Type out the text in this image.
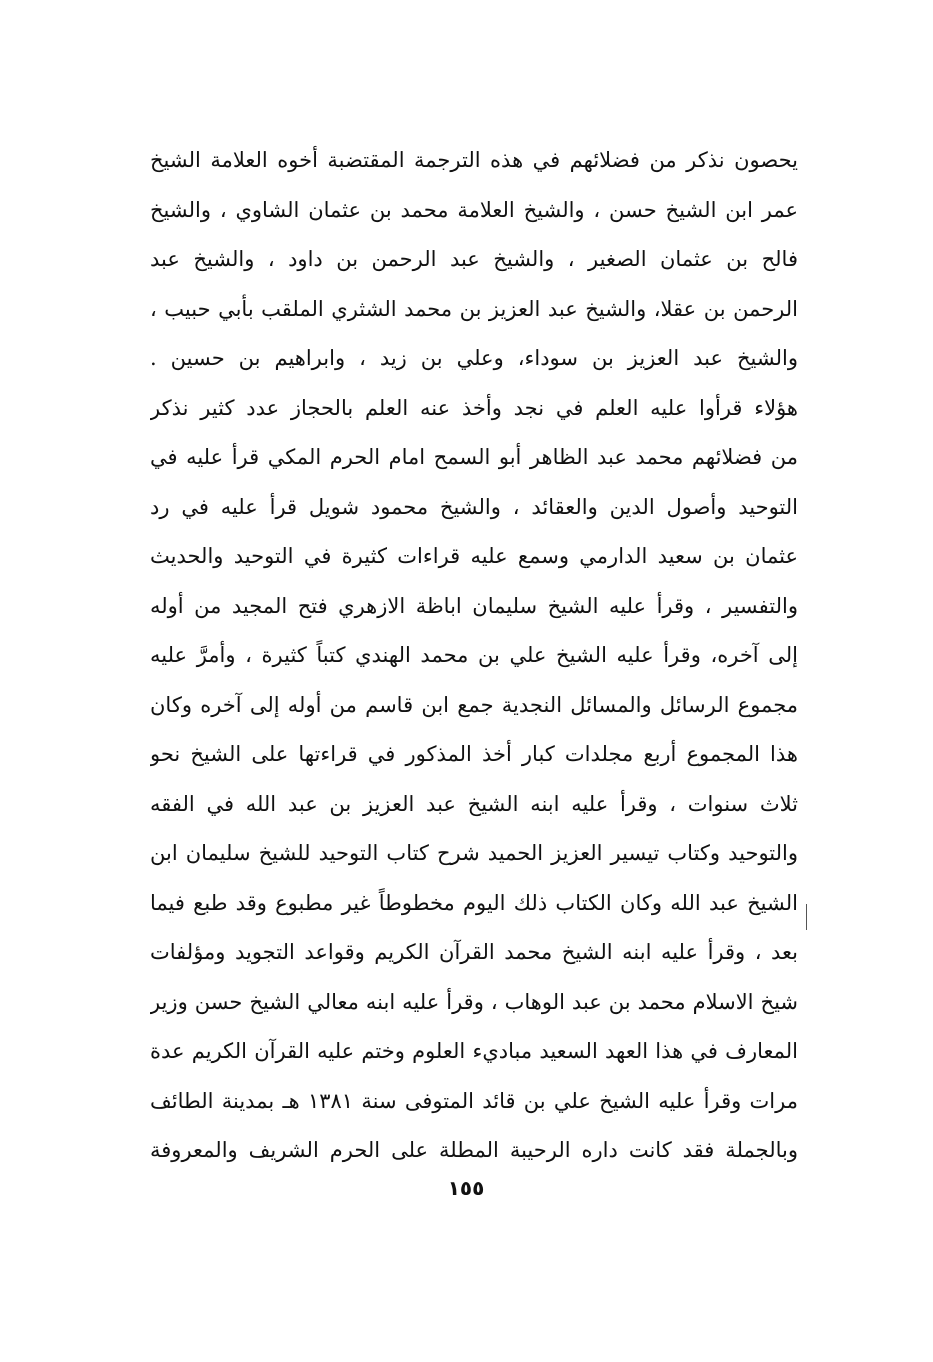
يحصون نذكر من فضلائهم في هذه الترجمة المقتضبة أخوه العلامة الشيخ
عمر ابن الشيخ حسن ، والشيخ العلامة محمد بن عثمان الشاوي ، والشيخ
فالح بن عثمان الصغير ، والشيخ عبد الرحمن بن داود ، والشيخ عبد
الرحمن بن عقلا، والشيخ عبد العزيز بن محمد الشثري الملقب بأبي حبيب ،
والشيخ عبد العزيز بن سوداء، وعلي بن زيد ، وابراهيم بن حسين .
هؤلاء قرأوا عليه العلم في نجد وأخذ عنه العلم بالحجاز عدد كثير نذكر
من فضلائهم محمد عبد الظاهر أبو السمح امام الحرم المكي قرأ عليه في
التوحيد وأصول الدين والعقائد ، والشيخ محمود شويل قرأ عليه في رد
عثمان بن سعيد الدارمي وسمع عليه قراءات كثيرة في التوحيد والحديث
والتفسير ، وقرأ عليه الشيخ سليمان اباظة الازهري فتح المجيد من أوله
إلى آخره، وقرأ عليه الشيخ علي بن محمد الهندي كتباً كثيرة ، وأمرَّ عليه
مجموع الرسائل والمسائل النجدية جمع ابن قاسم من أوله إلى آخره وكان
هذا المجموع أربع مجلدات كبار أخذ المذكور في قراءتها على الشيخ نحو
ثلاث سنوات ، وقرأ عليه ابنه الشيخ عبد العزيز بن عبد الله في الفقه
والتوحيد وكتاب تيسير العزيز الحميد شرح كتاب التوحيد للشيخ سليمان ابن
الشيخ عبد الله وكان الكتاب ذلك اليوم مخطوطاً غير مطبوع وقد طبع فيما
بعد ، وقرأ عليه ابنه الشيخ محمد القرآن الكريم وقواعد التجويد ومؤلفات
شيخ الاسلام محمد بن عبد الوهاب ، وقرأ عليه ابنه معالي الشيخ حسن وزير
المعارف في هذا العهد السعيد مباديء العلوم وختم عليه القرآن الكريم عدة
مرات وقرأ عليه الشيخ علي بن قائد المتوفى سنة ١٣٨١ هـ بمدينة الطائف
وبالجملة فقد كانت داره الرحيبة المطلة على الحرم الشريف والمعروفة
١٥٥
